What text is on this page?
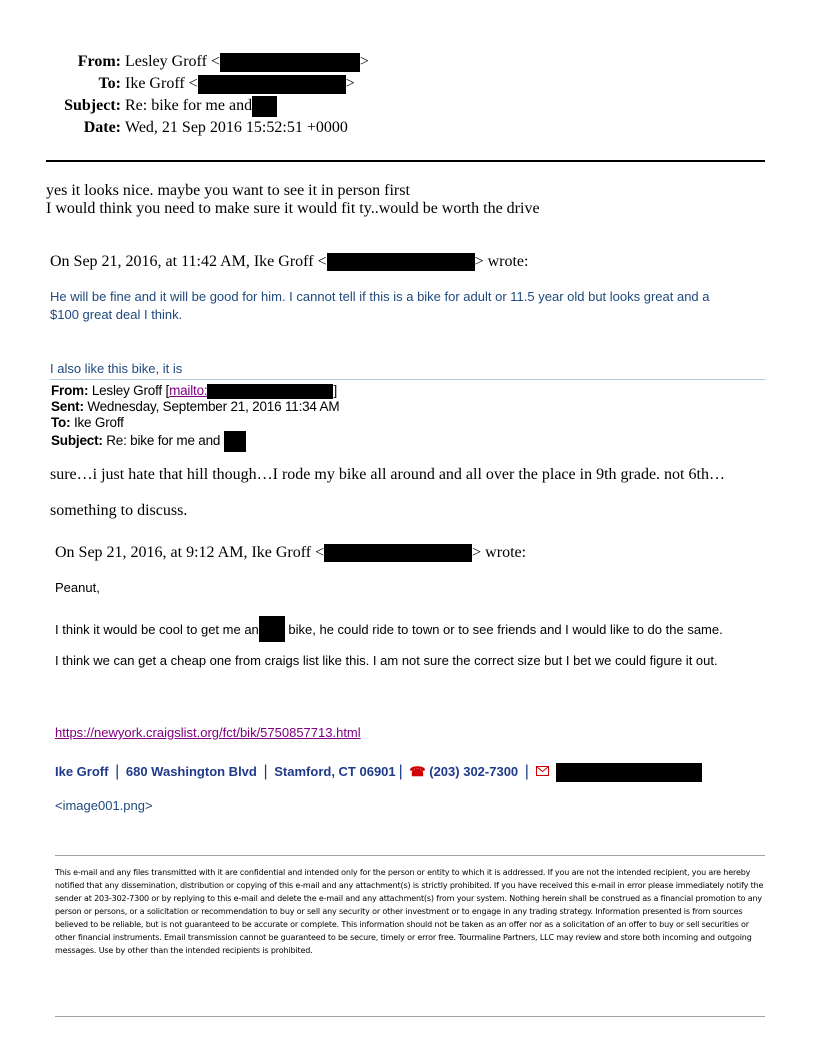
From: Lesley Groff <	>
To: Ike Groff <	>
Subject: Re: bike for me and
Date: Wed, 21 Sep 2016 15:52:51 +0000
yes it looks nice. maybe you want to see it in person first
I would think you need to make sure it would fit ty..would be worth the drive
On Sep 21, 2016, at 11:42 AM, Ike Groff <	> wrote:
He will be fine and it will be good for him. I cannot tell if this is a bike for adult or 11.5 year old but looks great and a
$100 great deal I think.
I also like this bike, it is
From: Lesley Groff [mailto:	]
Sent: Wednesday, September 21, 2016 11:34 AM
To: Ike Groff
Subject: Re: bike for me and
sure…i just hate that hill though…I rode my bike all around and all over the place in 9th grade. not 6th…
something to discuss.
On Sep 21, 2016, at 9:12 AM, Ike Groff <	> wrote:
Peanut,
I think it would be cool to get me an bike, he could ride to town or to see friends and I would like to do the same.
I think we can get a cheap one from craigs list like this. I am not sure the correct size but I bet we could figure it out.
https://newyork.craigslist.org/fct/bik/5750857713.html
Ike Groff | 680 Washington Blvd | Stamford, CT 06901 | ☎ (203) 302-7300 |

<image001.png>
This e-mail and any files transmitted with it are confidential and intended only for the person or entity to which it is addressed. If you are not the intended recipient, you are hereby notified that any dissemination, distribution or copying of this e-mail and any attachment(s) is strictly prohibited. If you have received this e-mail in error please immediately notify the sender at 203-302-7300 or by replying to this e-mail and delete the e-mail and any attachment(s) from your system. Nothing herein shall be construed as a financial promotion to any person or persons, or a solicitation or recommendation to buy or sell any security or other investment or to engage in any trading strategy. Information presented is from sources believed to be reliable, but is not guaranteed to be accurate or complete. This information should not be taken as an offer nor as a solicitation of an offer to buy or sell securities or other financial instruments. Email transmission cannot be guaranteed to be secure, timely or error free. Tourmaline Partners, LLC may review and store both incoming and outgoing messages. Use by other than the intended recipients is prohibited.
